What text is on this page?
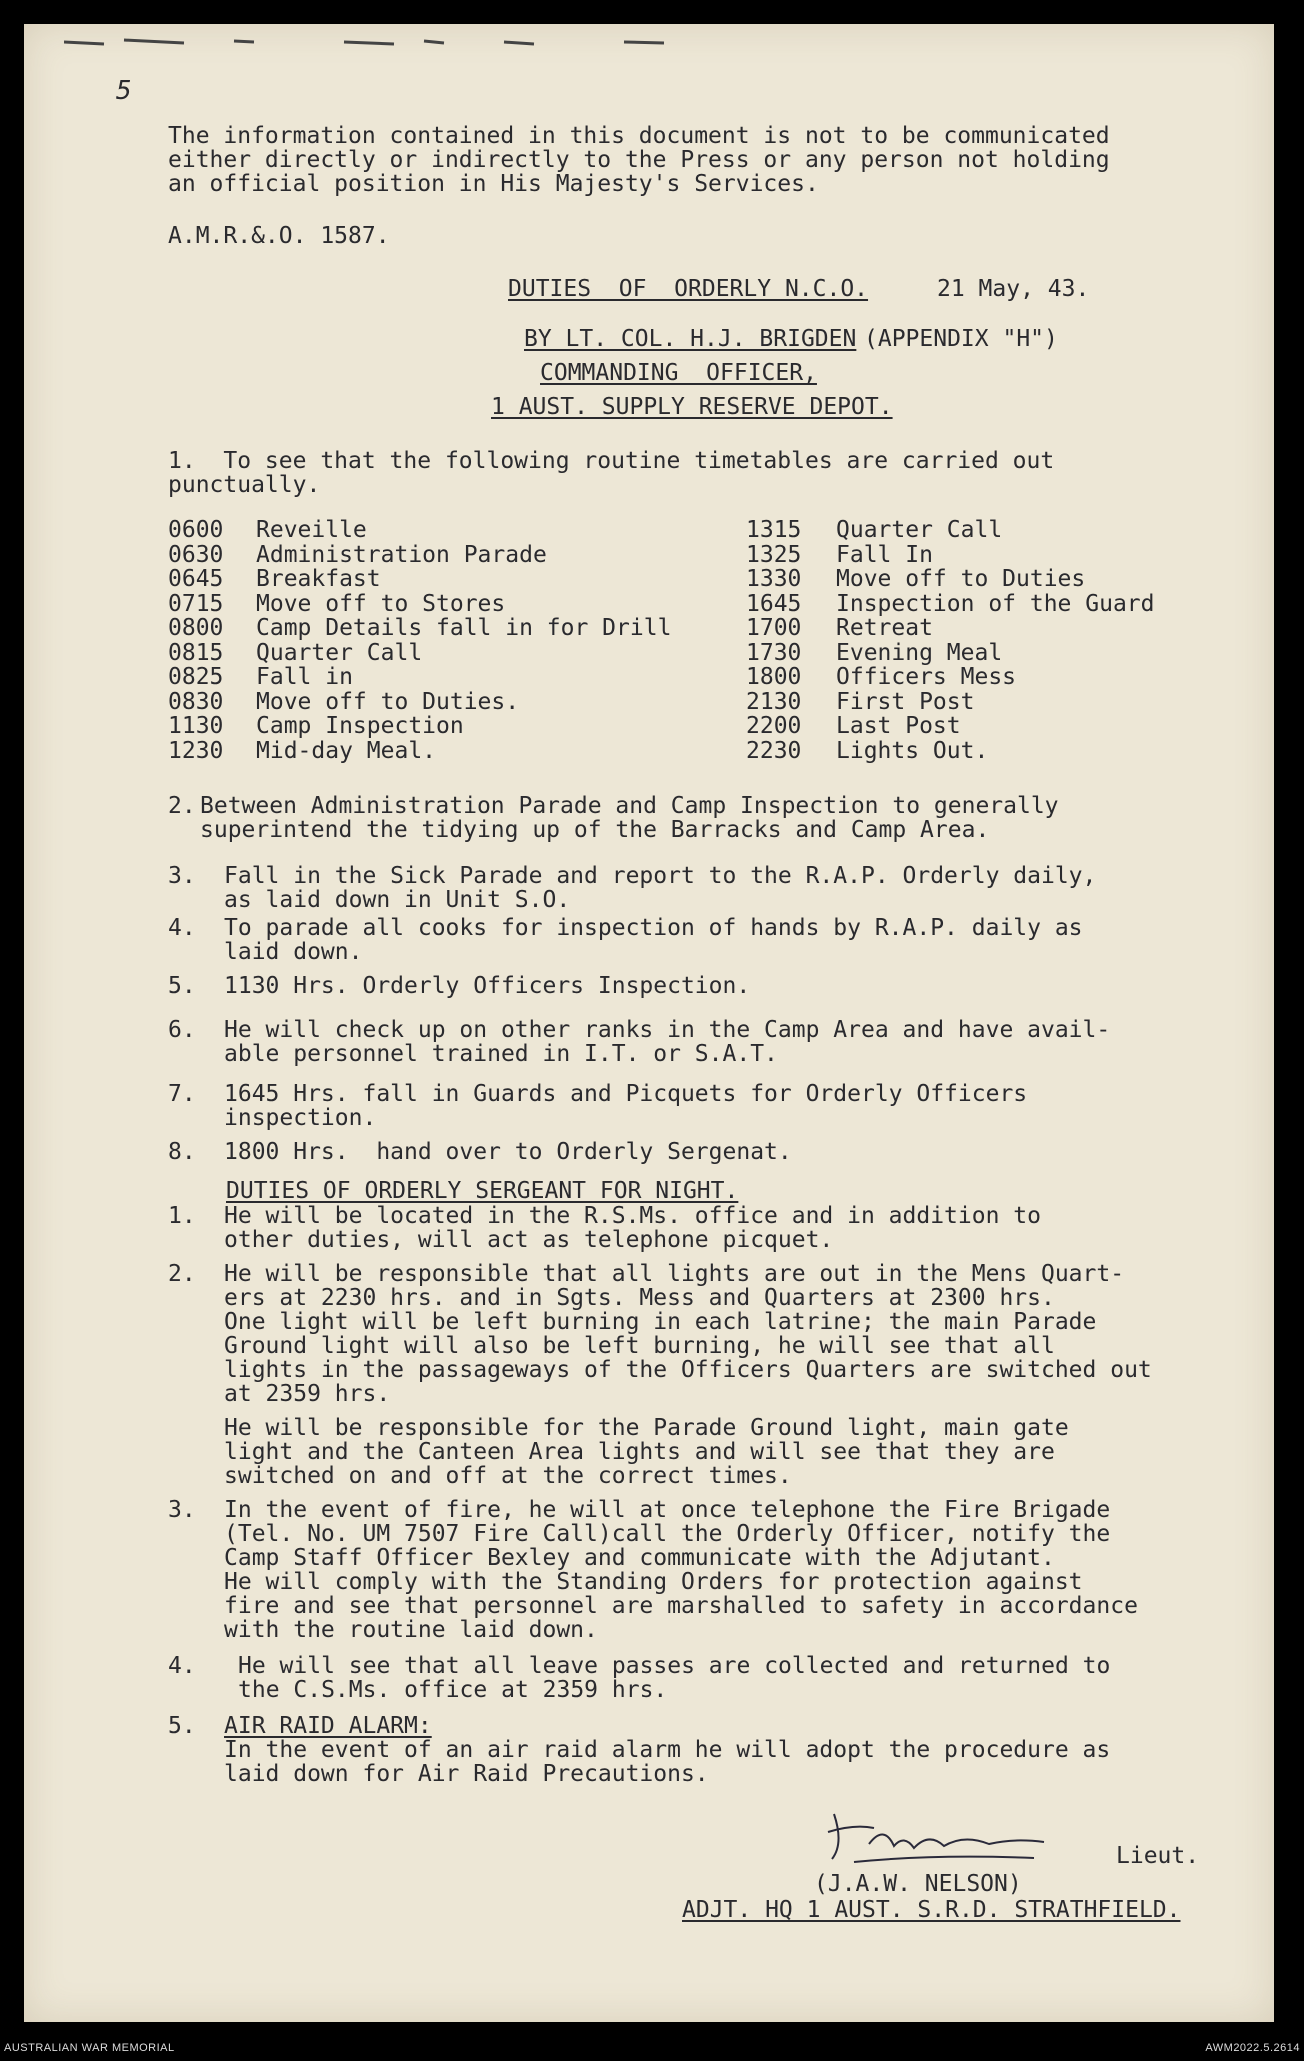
5
The information contained in this document is not to be communicated
either directly or indirectly to the Press or any person not holding
an official position in His Majesty's Services.
A.M.R.&.O. 1587.
DUTIES  OF  ORDERLY N.C.O.	21 May, 43.
BY LT. COL. H.J. BRIGDEN (APPENDIX "H")
COMMANDING  OFFICER,
1 AUST. SUPPLY RESERVE DEPOT.
1.  To see that the following routine timetables are carried out
punctually.
0600 Reveille
0630 Administration Parade
0645 Breakfast
0715 Move off to Stores
0800 Camp Details fall in for Drill
0815 Quarter Call
0825 Fall in
0830 Move off to Duties.
1130 Camp Inspection
1230 Mid-day Meal.
1315 Quarter Call
1325 Fall In
1330 Move off to Duties
1645 Inspection of the Guard
1700 Retreat
1730 Evening Meal
1800 Officers Mess
2130 First Post
2200 Last Post
2230 Lights Out.
2. Between Administration Parade and Camp Inspection to generally
superintend the tidying up of the Barracks and Camp Area.
3. Fall in the Sick Parade and report to the R.A.P. Orderly daily,
as laid down in Unit S.O.
4. To parade all cooks for inspection of hands by R.A.P. daily as
laid down.
5. 1130 Hrs. Orderly Officers Inspection.
6. He will check up on other ranks in the Camp Area and have avail-
able personnel trained in I.T. or S.A.T.
7. 1645 Hrs. fall in Guards and Picquets for Orderly Officers
inspection.
8. 1800 Hrs.  hand over to Orderly Sergenat.
DUTIES OF ORDERLY SERGEANT FOR NIGHT.
1. He will be located in the R.S.Ms. office and in addition to
other duties, will act as telephone picquet.
2. He will be responsible that all lights are out in the Mens Quart-
ers at 2230 hrs. and in Sgts. Mess and Quarters at 2300 hrs.
One light will be left burning in each latrine; the main Parade
Ground light will also be left burning, he will see that all
lights in the passageways of the Officers Quarters are switched out
at 2359 hrs.
He will be responsible for the Parade Ground light, main gate
light and the Canteen Area lights and will see that they are
switched on and off at the correct times.
3. In the event of fire, he will at once telephone the Fire Brigade
(Tel. No. UM 7507 Fire Call)call the Orderly Officer, notify the
Camp Staff Officer Bexley and communicate with the Adjutant.
He will comply with the Standing Orders for protection against
fire and see that personnel are marshalled to safety in accordance
with the routine laid down.
4. He will see that all leave passes are collected and returned to
the C.S.Ms. office at 2359 hrs.
5. AIR RAID ALARM:
In the event of an air raid alarm he will adopt the procedure as
laid down for Air Raid Precautions.
Lieut.
(J.A.W. NELSON)
ADJT. HQ 1 AUST. S.R.D. STRATHFIELD.
AUSTRALIAN WAR MEMORIAL	AWM2022.5.2614
